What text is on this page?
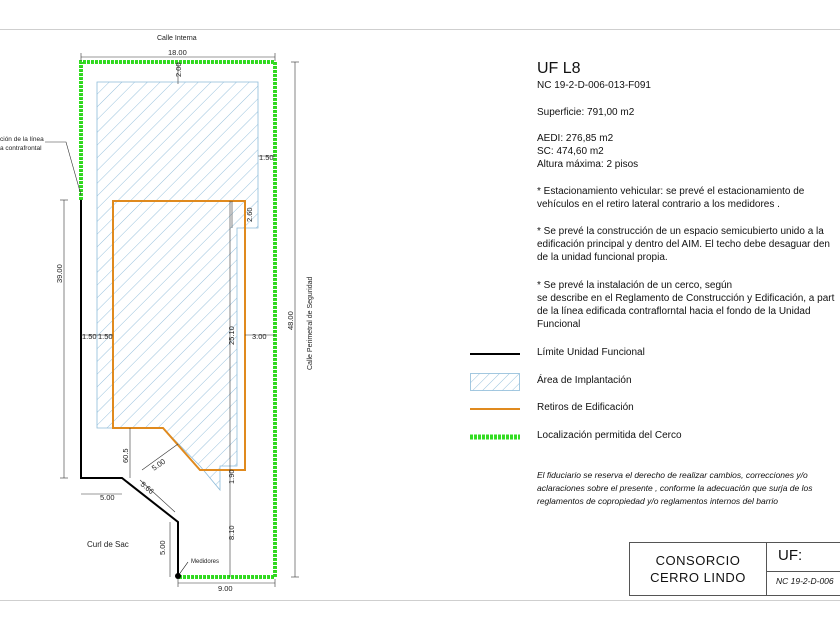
18.00
2.00
1.50
2.60
39.00
48.00
1.50 1.50	25.10 3.00
60.5
5.00
1.90
5.00
5.66
5.00
8.10
9.00
Calle Interna
Calle Perimetral de Seguridad
Curl de Sac
Medidores
ción de la línea
a contrafrontal
UF L8
NC 19-2-D-006-013-F091
Superficie: 791,00 m2
AEDI: 276,85 m2
SC: 474,60 m2
Altura máxima: 2 pisos
* Estacionamiento vehicular: se prevé el estacionamiento de
vehículos en el retiro lateral contrario a los medidores .
* Se prevé la construcción de un espacio semicubierto unido a la
edificación principal y dentro del AIM. El techo debe desaguar den
de la unidad funcional propia.
* Se prevé la instalación de un cerco, según
se describe en el Reglamento de Construcción y Edificación, a part
de la línea edificada contraflorntal hacia el fondo de la Unidad
Funcional
Límite Unidad Funcional
Área de Implantación
Retiros de Edificación
Localización permitida del Cerco
El fiduciario se reserva el derecho de realizar cambios, correcciones y/o
aclaraciones sobre el presente , conforme la adecuación que surja de los
reglamentos de copropiedad y/o reglamentos internos del barrio
CONSORCIO
CERRO LINDO
UF:
NC 19-2-D-006
